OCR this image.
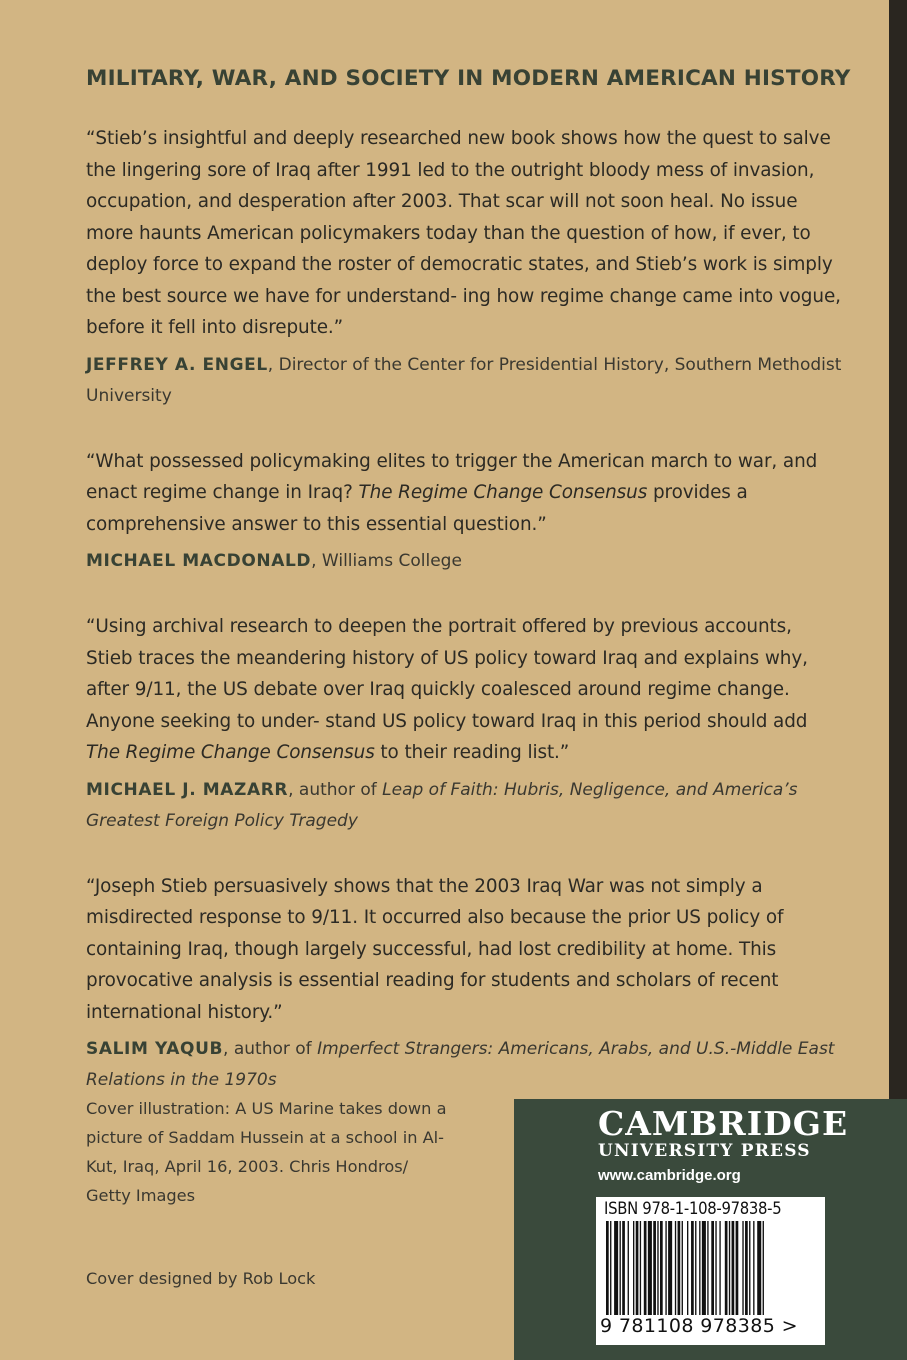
MILITARY, WAR, AND SOCIETY IN MODERN AMERICAN HISTORY

“Stieb’s insightful and deeply researched new book shows how the quest to salve the lingering sore of Iraq after 1991 led to the outright bloody mess of invasion, occupation, and desperation after 2003. That scar will not soon heal. No issue more haunts American policymakers today than the question of how, if ever, to deploy force to expand the roster of democratic states, and Stieb’s work is simply the best source we have for understand- ing how regime change came into vogue, before it fell into disrepute.”

JEFFREY A. ENGEL, Director of the Center for Presidential History, Southern Methodist University

“What possessed policymaking elites to trigger the American march to war, and enact regime change in Iraq? The Regime Change Consensus provides a comprehensive answer to this essential question.”

MICHAEL MACDONALD, Williams College

“Using archival research to deepen the portrait offered by previous accounts, Stieb traces the meandering history of US policy toward Iraq and explains why, after 9/11, the US debate over Iraq quickly coalesced around regime change. Anyone seeking to under- stand US policy toward Iraq in this period should add The Regime Change Consensus to their reading list.”

MICHAEL J. MAZARR, author of Leap of Faith: Hubris, Negligence, and America’s Greatest Foreign Policy Tragedy

“Joseph Stieb persuasively shows that the 2003 Iraq War was not simply a misdirected response to 9/11. It occurred also because the prior US policy of containing Iraq, though largely successful, had lost credibility at home. This provocative analysis is essential reading for students and scholars of recent international history.”

SALIM YAQUB, author of Imperfect Strangers: Americans, Arabs, and U.S.-Middle East Relations in the 1970s

Cover illustration: A US Marine takes down a picture of Saddam Hussein at a school in Al-Kut, Iraq, April 16, 2003. Chris Hondros/ Getty Images
Cover designed by Rob Lock
CAMBRIDGE
UNIVERSITY PRESS
www.cambridge.org
ISBN 978-1-108-97838-5
9 781108 978385 >
